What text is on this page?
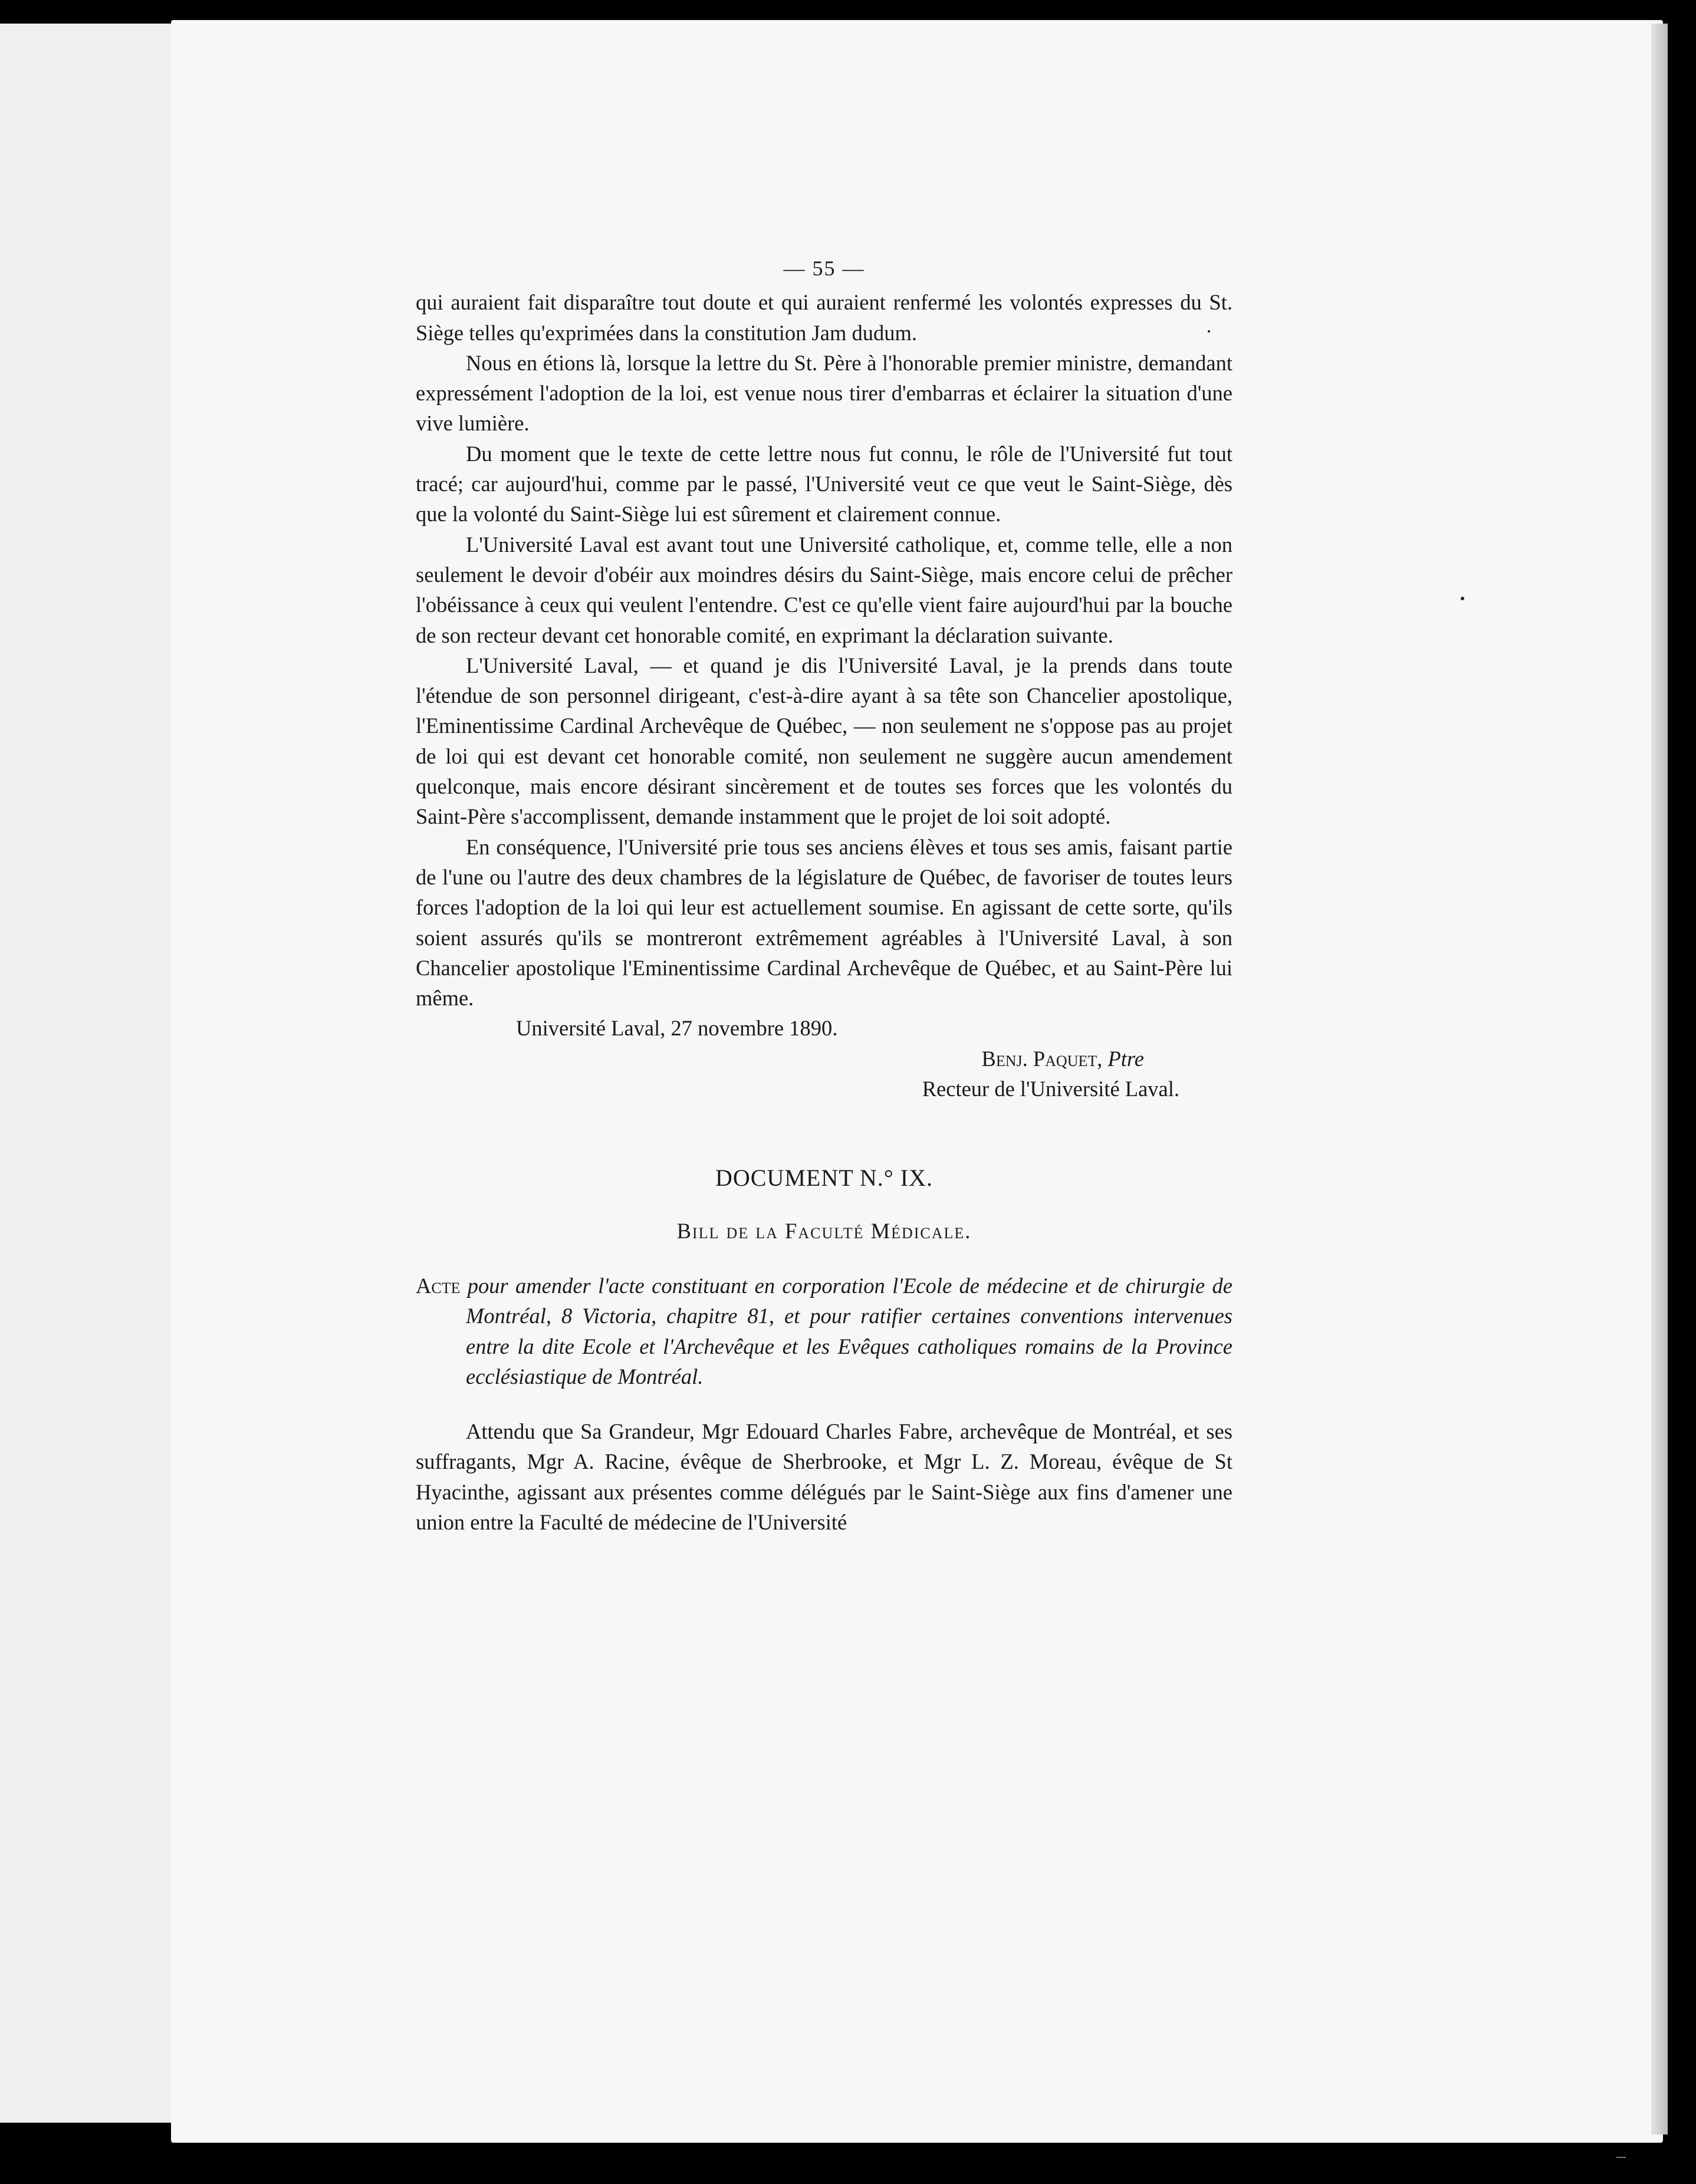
— 55 —

qui auraient fait disparaître tout doute et qui auraient renfermé les volontés expresses du St. Siège telles qu'exprimées dans la constitution Jam dudum.

Nous en étions là, lorsque la lettre du St. Père à l'honorable premier ministre, demandant expressément l'adoption de la loi, est venue nous tirer d'embarras et éclairer la situation d'une vive lumière.

Du moment que le texte de cette lettre nous fut connu, le rôle de l'Université fut tout tracé; car aujourd'hui, comme par le passé, l'Université veut ce que veut le Saint-Siège, dès que la volonté du Saint-Siège lui est sûrement et clairement connue.

L'Université Laval est avant tout une Université catholique, et, comme telle, elle a non seulement le devoir d'obéir aux moindres désirs du Saint-Siège, mais encore celui de prêcher l'obéissance à ceux qui veulent l'entendre. C'est ce qu'elle vient faire aujourd'hui par la bouche de son recteur devant cet honorable comité, en exprimant la déclaration suivante.

L'Université Laval, — et quand je dis l'Université Laval, je la prends dans toute l'étendue de son personnel dirigeant, c'est-à-dire ayant à sa tête son Chancelier apostolique, l'Eminentissime Cardinal Archevêque de Québec, — non seulement ne s'oppose pas au projet de loi qui est devant cet honorable comité, non seulement ne suggère aucun amendement quelconque, mais encore désirant sincèrement et de toutes ses forces que les volontés du Saint-Père s'accomplissent, demande instamment que le projet de loi soit adopté.

En conséquence, l'Université prie tous ses anciens élèves et tous ses amis, faisant partie de l'une ou l'autre des deux chambres de la législature de Québec, de favoriser de toutes leurs forces l'adoption de la loi qui leur est actuellement soumise. En agissant de cette sorte, qu'ils soient assurés qu'ils se montreront extrêmement agréables à l'Université Laval, à son Chancelier apostolique l'Eminentissime Cardinal Archevêque de Québec, et au Saint-Père lui même.

Université Laval, 27 novembre 1890.

Benj. Paquet, Ptre

Recteur de l'Université Laval.

DOCUMENT N.° IX.
Bill de la Faculté Médicale.

Acte pour amender l'acte constituant en corporation l'Ecole de médecine et de chirurgie de Montréal, 8 Victoria, chapitre 81, et pour ratifier certaines conventions intervenues entre la dite Ecole et l'Archevêque et les Evêques catholiques romains de la Province ecclésiastique de Montréal.

Attendu que Sa Grandeur, Mgr Edouard Charles Fabre, archevêque de Montréal, et ses suffragants, Mgr A. Racine, évêque de Sherbrooke, et Mgr L. Z. Moreau, évêque de St Hyacinthe, agissant aux présentes comme délégués par le Saint-Siège aux fins d'amener une union entre la Faculté de médecine de l'Université

—
